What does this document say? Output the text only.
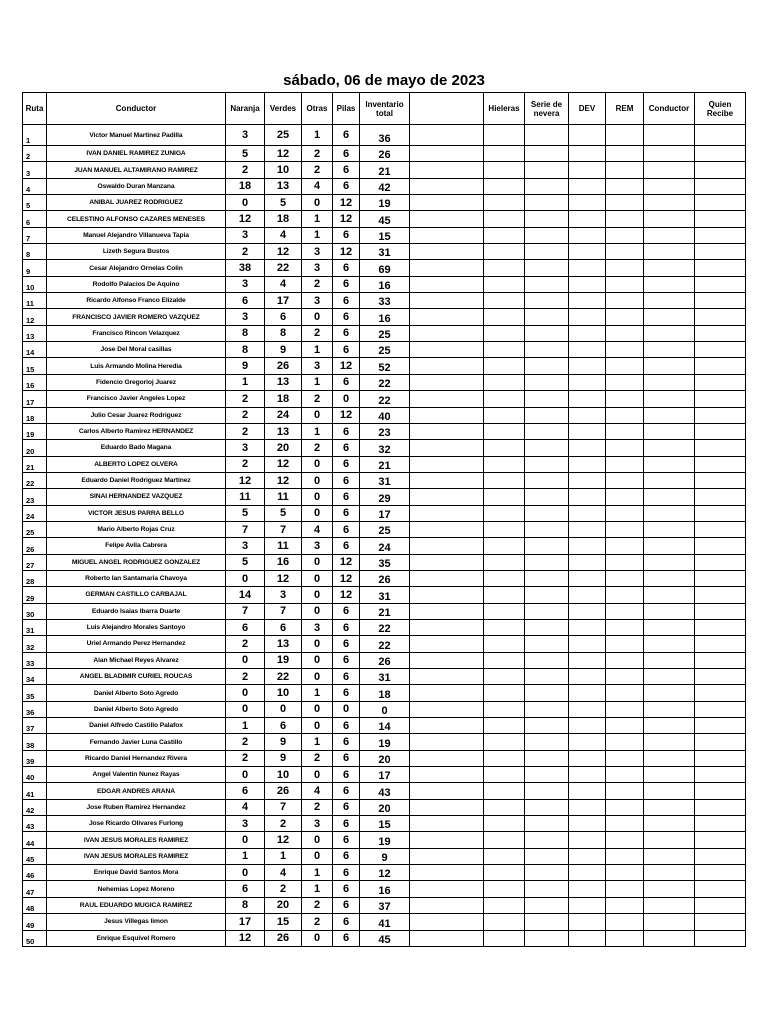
sábado, 06 de mayo de 2023
Ruta	Conductor	Naranja	Verdes	Otras	Pilas	Inventario total		Hieleras	Serie de nevera	DEV	REM	Conductor	Quien Recibe
1	Victor Manuel Martinez Padilla	3	25	1	6	36							
2	IVAN DANIEL RAMIREZ ZUNIGA	5	12	2	6	26							
3	JUAN MANUEL ALTAMIRANO RAMIREZ	2	10	2	6	21							
4	Oswaldo Duran Manzana	18	13	4	6	42							
5	ANIBAL JUAREZ RODRIGUEZ	0	5	0	12	19							
6	CELESTINO ALFONSO CAZARES MENESES	12	18	1	12	45							
7	Manuel Alejandro Villanueva Tapia	3	4	1	6	15							
8	Lizeth Segura Bustos	2	12	3	12	31							
9	Cesar Alejandro Ornelas Colin	38	22	3	6	69							
10	Rodolfo Palacios De Aquino	3	4	2	6	16							
11	Ricardo Alfonso Franco Elizalde	6	17	3	6	33							
12	FRANCISCO JAVIER ROMERO VAZQUEZ	3	6	0	6	16							
13	Francisco Rincon Velazquez	8	8	2	6	25							
14	Jose Del Moral casillas	8	9	1	6	25							
15	Luis Armando Molina Heredia	9	26	3	12	52							
16	Fidencio Gregorioj Juarez	1	13	1	6	22							
17	Francisco Javier Angeles Lopez	2	18	2	0	22							
18	Julio Cesar Juarez Rodriguez	2	24	0	12	40							
19	Carlos Alberto Ramirez HERNANDEZ	2	13	1	6	23							
20	Eduardo Bado Magana	3	20	2	6	32							
21	ALBERTO LOPEZ OLVERA	2	12	0	6	21							
22	Eduardo Daniel Rodriguez Martinez	12	12	0	6	31							
23	SINAI HERNANDEZ VAZQUEZ	11	11	0	6	29							
24	VICTOR JESUS PARRA BELLO	5	5	0	6	17							
25	Mario Alberto Rojas Cruz	7	7	4	6	25							
26	Felipe Avila Cabrera	3	11	3	6	24							
27	MIGUEL ANGEL RODRIGUEZ GONZALEZ	5	16	0	12	35							
28	Roberto Ian Santamaria Chavoya	0	12	0	12	26							
29	GERMAN CASTILLO CARBAJAL	14	3	0	12	31							
30	Eduardo Isaias Ibarra Duarte	7	7	0	6	21							
31	Luis Alejandro Morales Santoyo	6	6	3	6	22							
32	Uriel Armando Perez Hernandez	2	13	0	6	22							
33	Alan Michael Reyes Alvarez	0	19	0	6	26							
34	ANGEL BLADIMIR CURIEL ROUCAS	2	22	0	6	31							
35	Daniel Alberto Soto Agredo	0	10	1	6	18							
36	Daniel Alberto Soto Agredo	0	0	0	0	0							
37	Daniel Alfredo Castillo Palafox	1	6	0	6	14							
38	Fernando Javier Luna Castillo	2	9	1	6	19							
39	Ricardo Daniel Hernandez Rivera	2	9	2	6	20							
40	Angel Valentin Nunez Rayas	0	10	0	6	17							
41	EDGAR ANDRES ARANA	6	26	4	6	43							
42	Jose Ruben Ramirez Hernandez	4	7	2	6	20							
43	Jose Ricardo Olivares Furlong	3	2	3	6	15							
44	IVAN JESUS MORALES RAMIREZ	0	12	0	6	19							
45	IVAN JESUS MORALES RAMIREZ	1	1	0	6	9							
46	Enrique David Santos Mora	0	4	1	6	12							
47	Nehemias Lopez Moreno	6	2	1	6	16							
48	RAUL EDUARDO MUGICA RAMIREZ	8	20	2	6	37							
49	Jesus Villegas limon	17	15	2	6	41							
50	Enrique Esquivel Romero	12	26	0	6	45							
